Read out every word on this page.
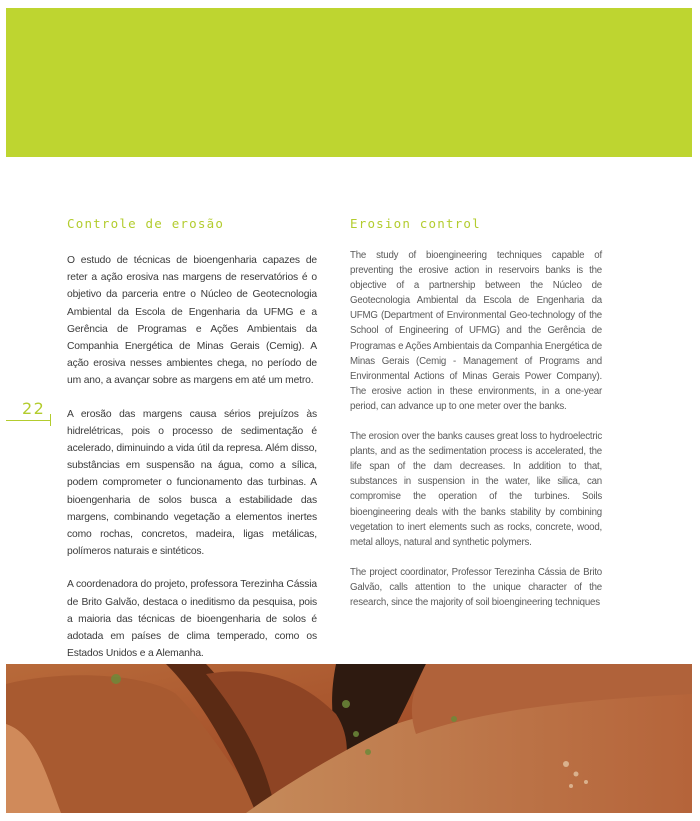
Controle de erosão	Erosion control

O estudo de técnicas de bioengenharia capazes de reter a ação erosiva nas margens de reservatórios é o objetivo da parceria entre o Núcleo de Geotecnologia Ambiental da Escola de Engenharia da UFMG e a Gerência de Programas e Ações Ambientais da Companhia Energética de Minas Gerais (Cemig). A ação erosiva nesses ambientes chega, no período de um ano, a avançar sobre as margens em até um metro.

A erosão das margens causa sérios prejuízos às hidrelétricas, pois o processo de sedimentação é acelerado, diminuindo a vida útil da represa. Além disso, substâncias em suspensão na água, como a sílica, podem comprometer o funcionamento das turbinas. A bioengenharia de solos busca a estabilidade das margens, combinando vegetação a elementos inertes como rochas, concretos, madeira, ligas metálicas, polímeros naturais e sintéticos.

A coordenadora do projeto, professora Terezinha Cássia de Brito Galvão, destaca o ineditismo da pesquisa, pois a maioria das técnicas de bioengenharia de solos é adotada em países de clima temperado, como os Estados Unidos e a Alemanha.

The study of bioengineering techniques capable of preventing the erosive action in reservoirs banks is the objective of a partnership between the Núcleo de Geotecnologia Ambiental da Escola de Engenharia da UFMG (Department of Environmental Geo-technology of the School of Engineering of UFMG) and the Gerência de Programas e Ações Ambientais da Companhia Energética de Minas Gerais (Cemig - Management of Programs and Environmental Actions of Minas Gerais Power Company). The erosive action in these environments, in a one-year period, can advance up to one meter over the banks.

The erosion over the banks causes great loss to hydroelectric plants, and as the sedimentation process is accelerated, the life span of the dam decreases. In addition to that, substances in suspension in the water, like silica, can compromise the operation of the turbines. Soils bioengineering deals with the banks stability by combining vegetation to inert elements such as rocks, concrete, wood, metal alloys, natural and synthetic polymers.

The project coordinator, Professor Terezinha Cássia de Brito Galvão, calls attention to the unique character of the research, since the majority of soil bioengineering techniques

22
